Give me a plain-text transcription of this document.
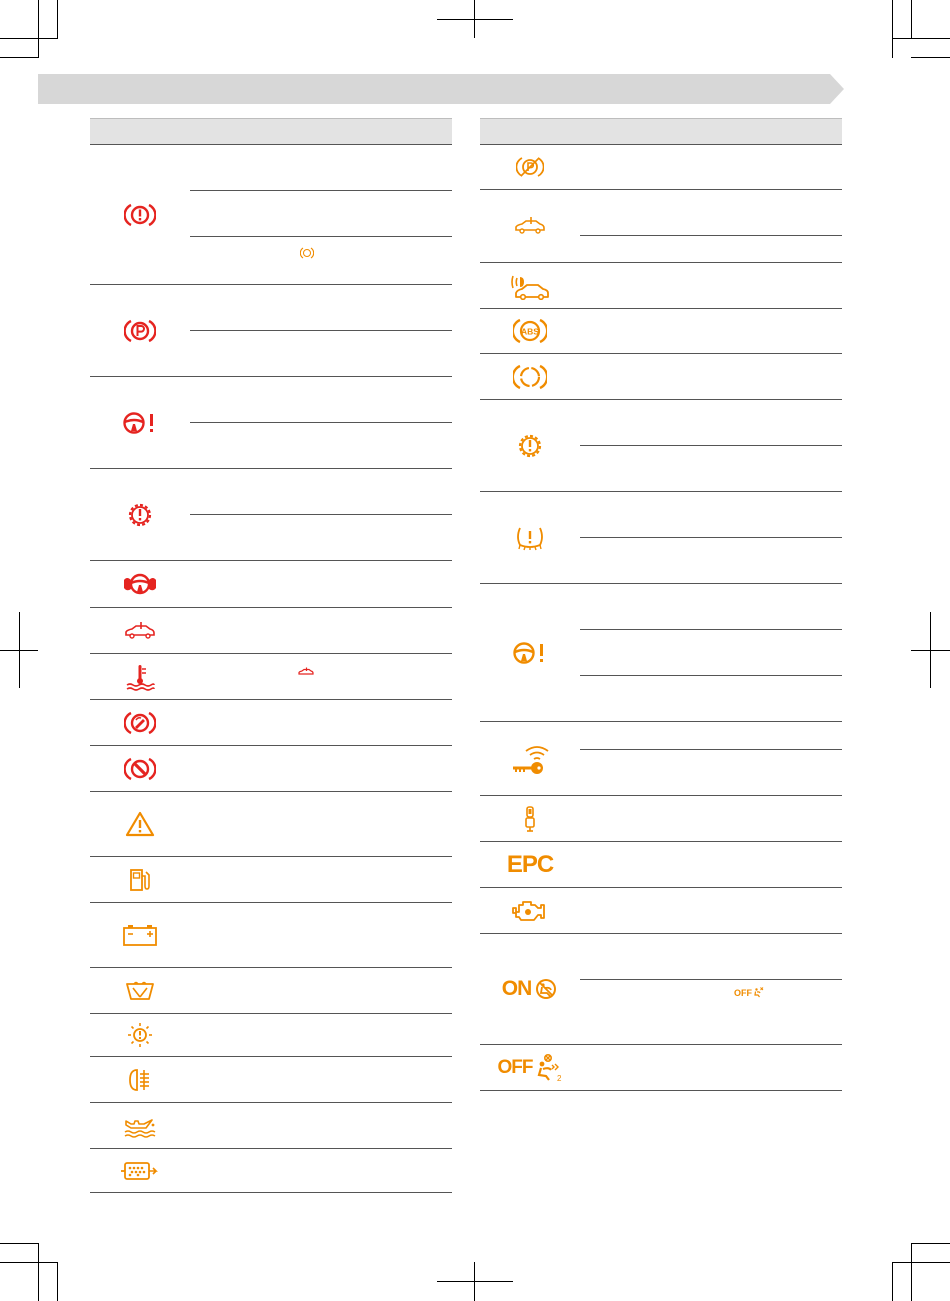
ABS
EPC
ON	OFF
OFF
2
